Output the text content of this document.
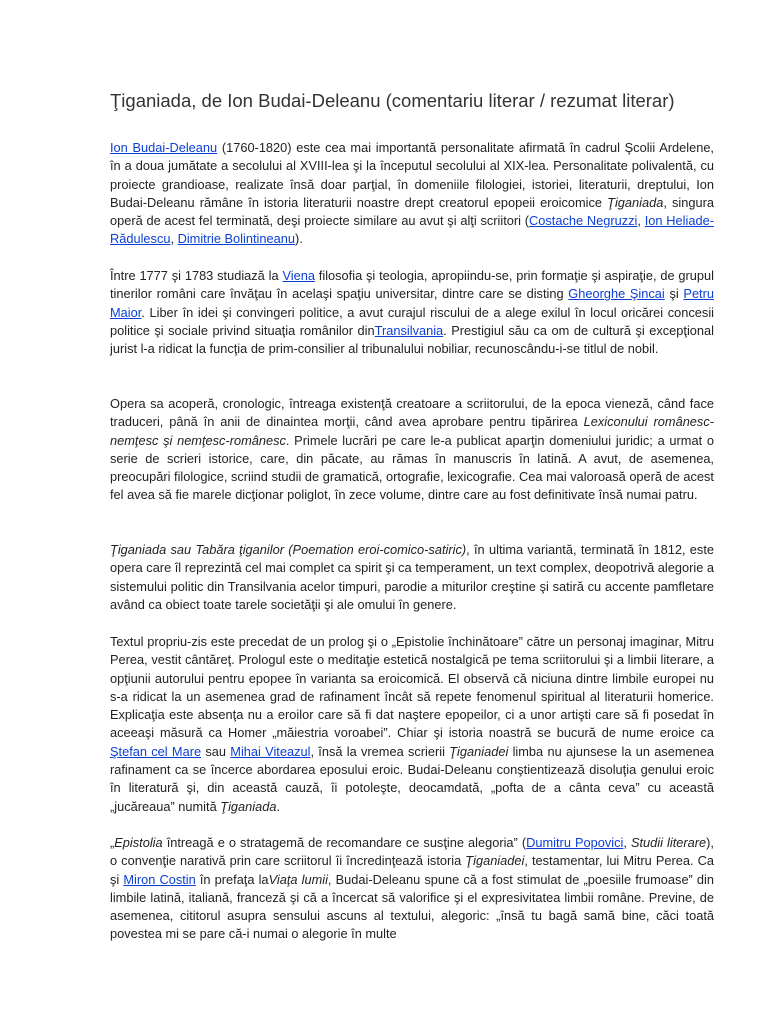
Ţiganiada, de Ion Budai-Deleanu (comentariu literar / rezumat literar)

Ion Budai-Deleanu (1760-1820) este cea mai importantă personalitate afirmată în cadrul Şcolii Ardelene, în a doua jumătate a secolului al XVIII-lea şi la începutul secolului al XIX-lea. Personalitate polivalentă, cu proiecte grandioase, realizate însă doar parţial, în domeniile filologiei, istoriei, literaturii, dreptului, Ion Budai-Deleanu rămâne în istoria literaturii noastre drept creatorul epopeii eroicomice Ţiganiada, singura operă de acest fel terminată, deşi proiecte similare au avut şi alţi scriitori (Costache Negruzzi, Ion Heliade-Rădulescu, Dimitrie Bolintineanu).

Între 1777 şi 1783 studiază la Viena filosofia şi teologia, apropiindu-se, prin formaţie şi aspiraţie, de grupul tinerilor români care învăţau în acelaşi spaţiu universitar, dintre care se disting Gheorghe Şincai şi Petru Maior. Liber în idei şi convingeri politice, a avut curajul riscului de a alege exilul în locul oricărei concesii politice şi sociale privind situaţia românilor dinTransilvania. Prestigiul său ca om de cultură şi excepţional jurist l-a ridicat la funcţia de prim-consilier al tribunalului nobiliar, recunoscându-i-se titlul de nobil.

Opera sa acoperă, cronologic, întreaga existenţă creatoare a scriitorului, de la epoca vieneză, când face traduceri, până în anii de dinaintea morţii, când avea aprobare pentru tipărirea Lexiconului românesc-nemţesc şi nemţesc-românesc. Primele lucrări pe care le-a publicat aparţin domeniului juridic; a urmat o serie de scrieri istorice, care, din păcate, au rămas în manuscris în latină. A avut, de asemenea, preocupări filologice, scriind studii de gramatică, ortografie, lexicografie. Cea mai valoroasă operă de acest fel avea să fie marele dicţionar poliglot, în zece volume, dintre care au fost definitivate însă numai patru.

Ţiganiada sau Tabăra ţiganilor (Poemation eroi-comico-satiric), în ultima variantă, terminată în 1812, este opera care îl reprezintă cel mai complet ca spirit şi ca temperament, un text complex, deopotrivă alegorie a sistemului politic din Transilvania acelor timpuri, parodie a miturilor creştine şi satiră cu accente pamfletare având ca obiect toate tarele societăţii şi ale omului în genere.

Textul propriu-zis este precedat de un prolog şi o „Epistolie închinătoare” către un personaj imaginar, Mitru Perea, vestit cântăreţ. Prologul este o meditaţie estetică nostalgică pe tema scriitorului şi a limbii literare, a opţiunii autorului pentru epopee în varianta sa eroicomică. El observă că niciuna dintre limbile europei nu s-a ridicat la un asemenea grad de rafinament încât să repete fenomenul spiritual al literaturii homerice. Explicaţia este absenţa nu a eroilor care să fi dat naştere epopeilor, ci a unor artişti care să fi posedat în aceeaşi măsură ca Homer „măiestria voroabei”. Chiar şi istoria noastră se bucură de nume eroice ca Ştefan cel Mare sau Mihai Viteazul, însă la vremea scrierii Ţiganiadei limba nu ajunsese la un asemenea rafinament ca se încerce abordarea eposului eroic. Budai-Deleanu conştientizează disoluţia genului eroic în literatură şi, din această cauză, îi potoleşte, deocamdată, „pofta de a cânta ceva” cu această „jucăreaua” numită Ţiganiada.

„Epistolia întreagă e o stratagemă de recomandare ce susţine alegoria” (Dumitru Popovici, Studii literare), o convenţie narativă prin care scriitorul îi încredinţează istoria Ţiganiadei, testamentar, lui Mitru Perea. Ca şi Miron Costin în prefaţa laViaţa lumii, Budai-Deleanu spune că a fost stimulat de „poesiile frumoase” din limbile latină, italiană, franceză şi că a încercat să valorifice şi el expresivitatea limbii române. Previne, de asemenea, cititorul asupra sensului ascuns al textului, alegoric: „însă tu bagă samă bine, căci toată povestea mi se pare că-i numai o alegorie în multe
